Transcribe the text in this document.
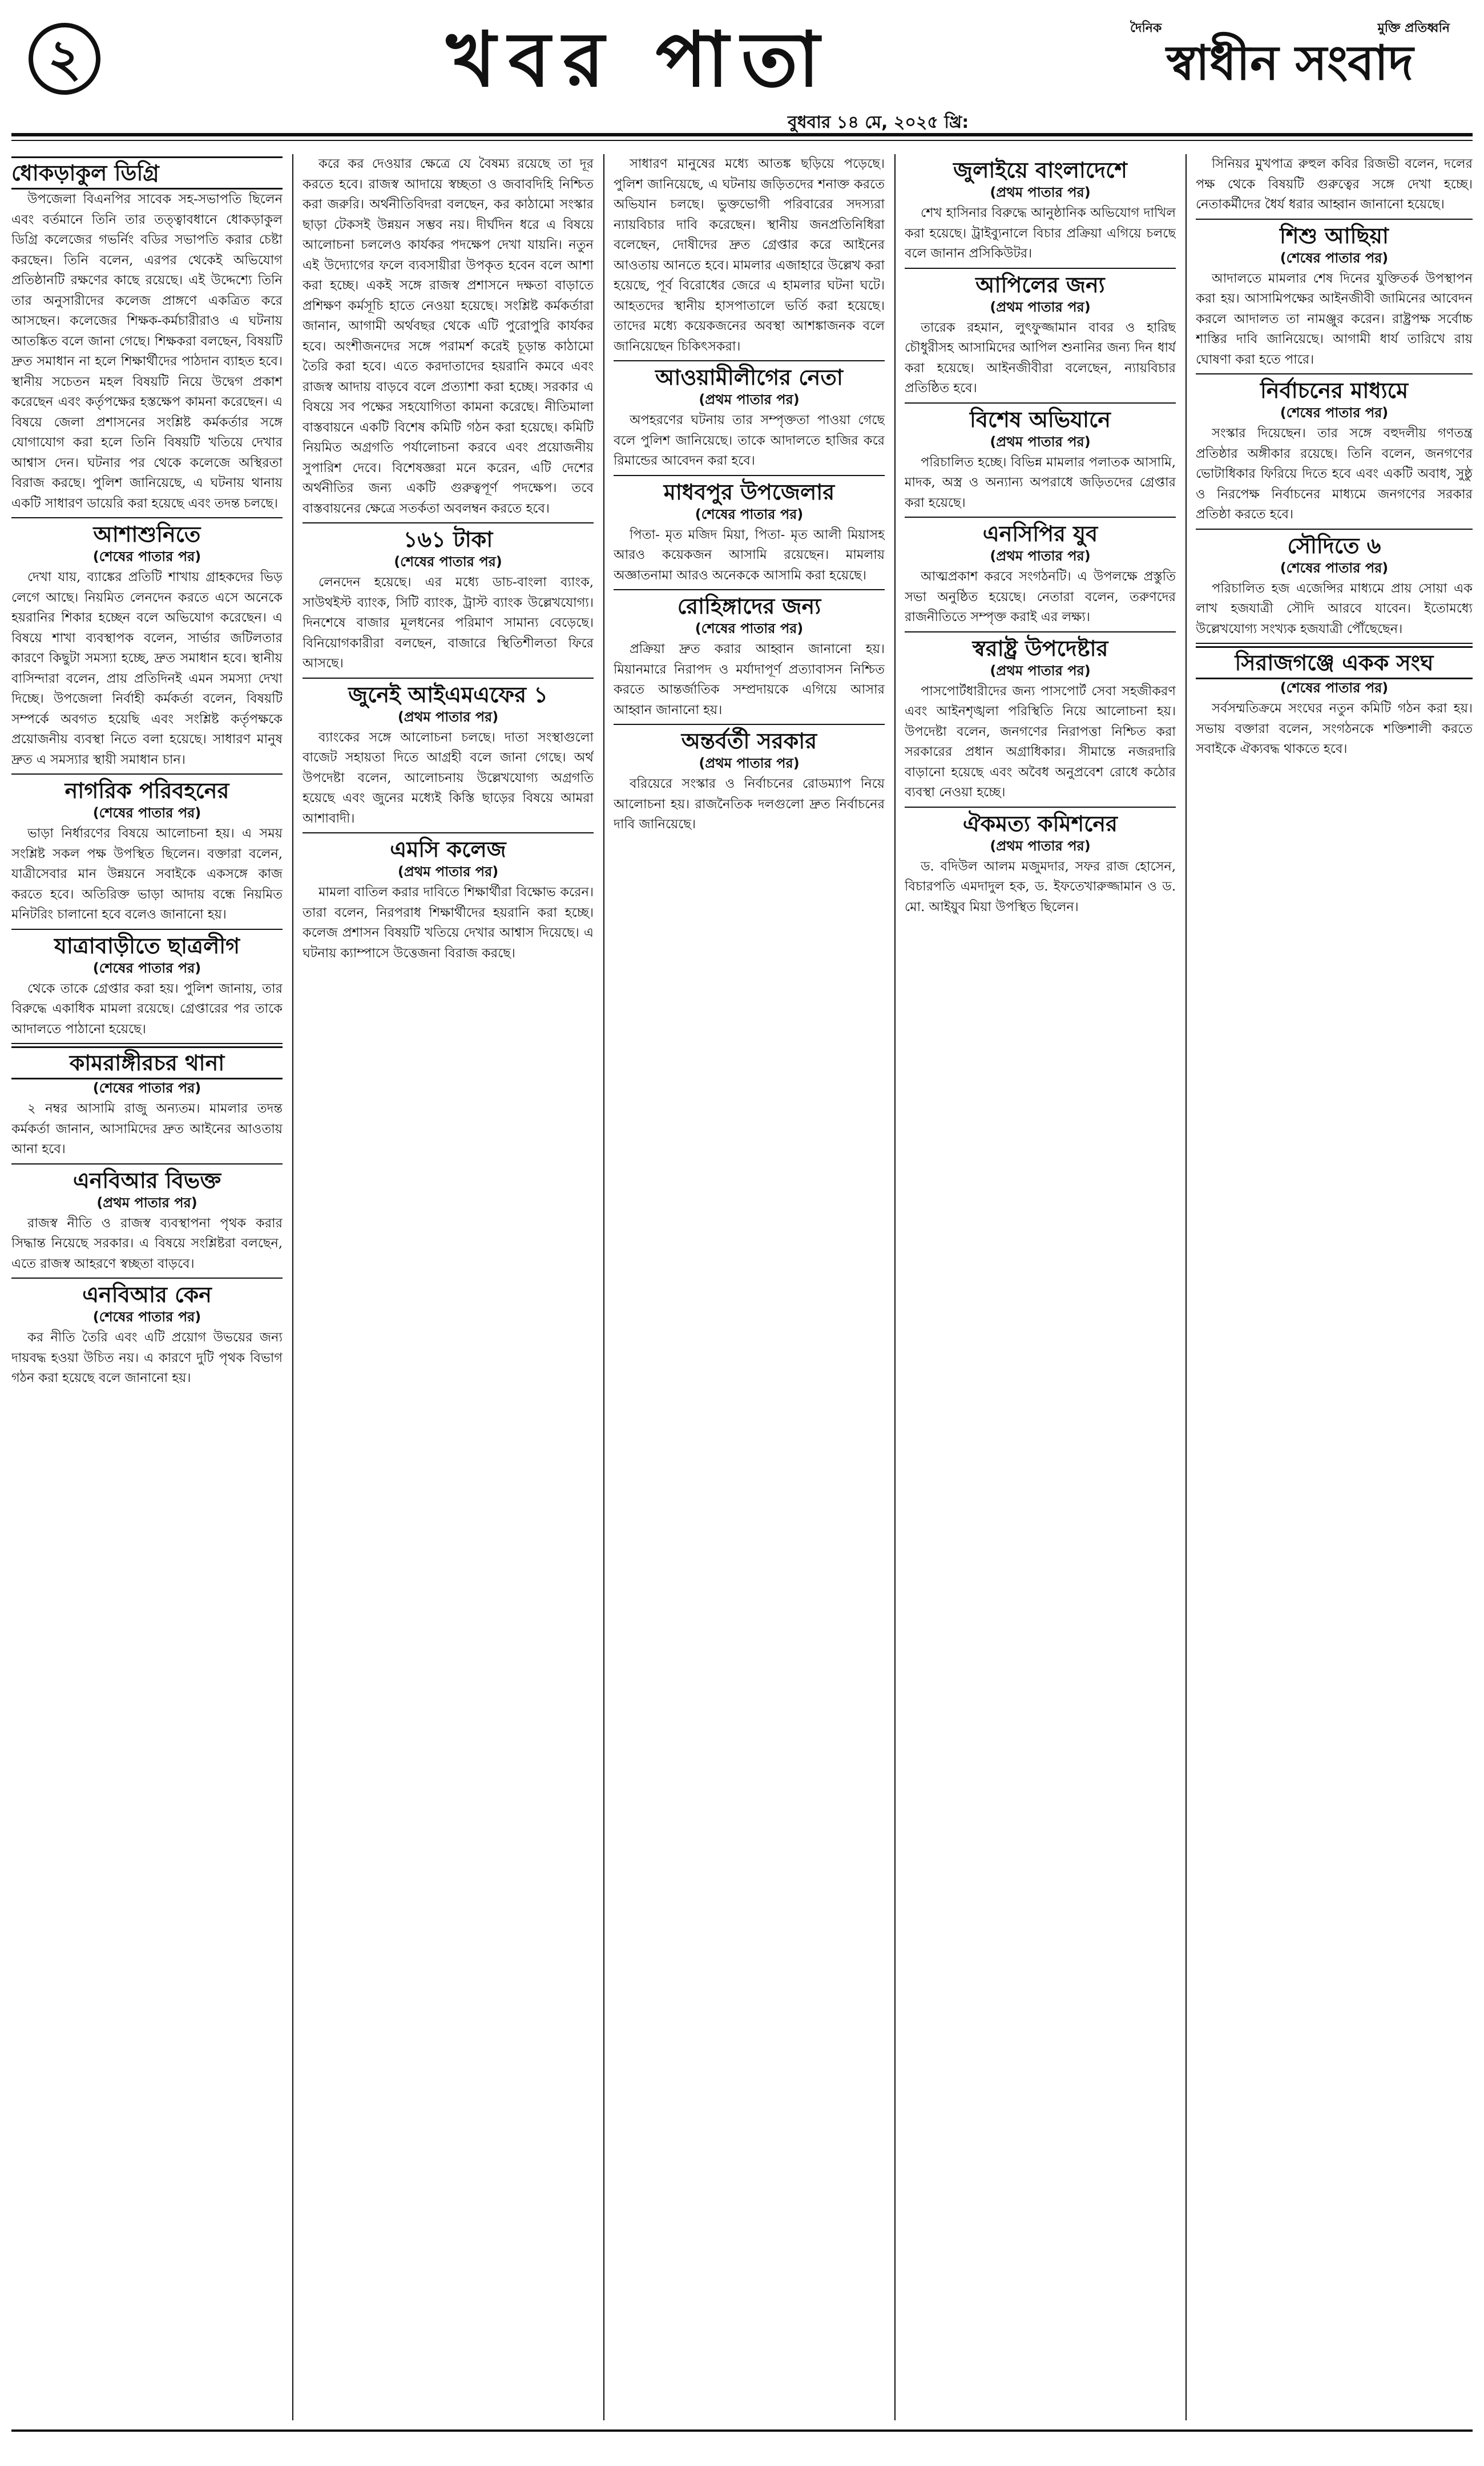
২	খবর পাতা	দৈনিক	মুক্তি প্রতিধ্বনি
স্বাধীন সংবাদ
বুধবার ১৪ মে, ২০২৫ খ্রি:
ধোকড়াকুল ডিগ্রি

উপজেলা বিএনপির সাবেক সহ-সভাপতি ছিলেন এবং বর্তমানে তিনি তার তত্ত্বাবধানে ধোকড়াকুল ডিগ্রি কলেজের গভর্নিং বডির সভাপতি করার চেষ্টা করছেন। তিনি বলেন, এরপর থেকেই অভিযোগ প্রতিষ্ঠানটি রক্ষণের কাছে রয়েছে। এই উদ্দেশ্যে তিনি তার অনুসারীদের কলেজ প্রাঙ্গণে একত্রিত করে আসছেন। কলেজের শিক্ষক-কর্মচারীরাও এ ঘটনায় আতঙ্কিত বলে জানা গেছে। শিক্ষকরা বলছেন, বিষয়টি দ্রুত সমাধান না হলে শিক্ষার্থীদের পাঠদান ব্যাহত হবে। স্থানীয় সচেতন মহল বিষয়টি নিয়ে উদ্বেগ প্রকাশ করেছেন এবং কর্তৃপক্ষের হস্তক্ষেপ কামনা করেছেন। এ বিষয়ে জেলা প্রশাসনের সংশ্লিষ্ট কর্মকর্তার সঙ্গে যোগাযোগ করা হলে তিনি বিষয়টি খতিয়ে দেখার আশ্বাস দেন। ঘটনার পর থেকে কলেজে অস্থিরতা বিরাজ করছে। পুলিশ জানিয়েছে, এ ঘটনায় থানায় একটি সাধারণ ডায়েরি করা হয়েছে এবং তদন্ত চলছে।

আশাশুনিতে
(শেষের পাতার পর)

দেখা যায়, ব্যাঙ্কের প্রতিটি শাখায় গ্রাহকদের ভিড় লেগে আছে। নিয়মিত লেনদেন করতে এসে অনেকে হয়রানির শিকার হচ্ছেন বলে অভিযোগ করেছেন। এ বিষয়ে শাখা ব্যবস্থাপক বলেন, সার্ভার জটিলতার কারণে কিছুটা সমস্যা হচ্ছে, দ্রুত সমাধান হবে। স্থানীয় বাসিন্দারা বলেন, প্রায় প্রতিদিনই এমন সমস্যা দেখা দিচ্ছে। উপজেলা নির্বাহী কর্মকর্তা বলেন, বিষয়টি সম্পর্কে অবগত হয়েছি এবং সংশ্লিষ্ট কর্তৃপক্ষকে প্রয়োজনীয় ব্যবস্থা নিতে বলা হয়েছে। সাধারণ মানুষ দ্রুত এ সমস্যার স্থায়ী সমাধান চান।

নাগরিক পরিবহনের
(শেষের পাতার পর)

ভাড়া নির্ধারণের বিষয়ে আলোচনা হয়। এ সময় সংশ্লিষ্ট সকল পক্ষ উপস্থিত ছিলেন। বক্তারা বলেন, যাত্রীসেবার মান উন্নয়নে সবাইকে একসঙ্গে কাজ করতে হবে। অতিরিক্ত ভাড়া আদায় বন্ধে নিয়মিত মনিটরিং চালানো হবে বলেও জানানো হয়।

যাত্রাবাড়ীতে ছাত্রলীগ
(শেষের পাতার পর)

থেকে তাকে গ্রেপ্তার করা হয়। পুলিশ জানায়, তার বিরুদ্ধে একাধিক মামলা রয়েছে। গ্রেপ্তারের পর তাকে আদালতে পাঠানো হয়েছে।

কামরাঙ্গীরচর থানা
(শেষের পাতার পর)

২ নম্বর আসামি রাজু অন্যতম। মামলার তদন্ত কর্মকর্তা জানান, আসামিদের দ্রুত আইনের আওতায় আনা হবে।

এনবিআর বিভক্ত
(প্রথম পাতার পর)

রাজস্ব নীতি ও রাজস্ব ব্যবস্থাপনা পৃথক করার সিদ্ধান্ত নিয়েছে সরকার। এ বিষয়ে সংশ্লিষ্টরা বলছেন, এতে রাজস্ব আহরণে স্বচ্ছতা বাড়বে।

এনবিআর কেন
(শেষের পাতার পর)

কর নীতি তৈরি এবং এটি প্রয়োগ উভয়ের জন্য দায়বদ্ধ হওয়া উচিত নয়। এ কারণে দুটি পৃথক বিভাগ গঠন করা হয়েছে বলে জানানো হয়।

করে কর দেওয়ার ক্ষেত্রে যে বৈষম্য রয়েছে তা দূর করতে হবে। রাজস্ব আদায়ে স্বচ্ছতা ও জবাবদিহি নিশ্চিত করা জরুরি। অর্থনীতিবিদরা বলছেন, কর কাঠামো সংস্কার ছাড়া টেকসই উন্নয়ন সম্ভব নয়। দীর্ঘদিন ধরে এ বিষয়ে আলোচনা চললেও কার্যকর পদক্ষেপ দেখা যায়নি। নতুন এই উদ্যোগের ফলে ব্যবসায়ীরা উপকৃত হবেন বলে আশা করা হচ্ছে। একই সঙ্গে রাজস্ব প্রশাসনে দক্ষতা বাড়াতে প্রশিক্ষণ কর্মসূচি হাতে নেওয়া হয়েছে। সংশ্লিষ্ট কর্মকর্তারা জানান, আগামী অর্থবছর থেকে এটি পুরোপুরি কার্যকর হবে। অংশীজনদের সঙ্গে পরামর্শ করেই চূড়ান্ত কাঠামো তৈরি করা হবে। এতে করদাতাদের হয়রানি কমবে এবং রাজস্ব আদায় বাড়বে বলে প্রত্যাশা করা হচ্ছে। সরকার এ বিষয়ে সব পক্ষের সহযোগিতা কামনা করেছে। নীতিমালা বাস্তবায়নে একটি বিশেষ কমিটি গঠন করা হয়েছে। কমিটি নিয়মিত অগ্রগতি পর্যালোচনা করবে এবং প্রয়োজনীয় সুপারিশ দেবে। বিশেষজ্ঞরা মনে করেন, এটি দেশের অর্থনীতির জন্য একটি গুরুত্বপূর্ণ পদক্ষেপ। তবে বাস্তবায়নের ক্ষেত্রে সতর্কতা অবলম্বন করতে হবে।

১৬১ টাকা
(শেষের পাতার পর)

লেনদেন হয়েছে। এর মধ্যে ডাচ-বাংলা ব্যাংক, সাউথইস্ট ব্যাংক, সিটি ব্যাংক, ট্রাস্ট ব্যাংক উল্লেখযোগ্য। দিনশেষে বাজার মূলধনের পরিমাণ সামান্য বেড়েছে। বিনিয়োগকারীরা বলছেন, বাজারে স্থিতিশীলতা ফিরে আসছে।

জুনেই আইএমএফের ১
(প্রথম পাতার পর)

ব্যাংকের সঙ্গে আলোচনা চলছে। দাতা সংস্থাগুলো বাজেট সহায়তা দিতে আগ্রহী বলে জানা গেছে। অর্থ উপদেষ্টা বলেন, আলোচনায় উল্লেখযোগ্য অগ্রগতি হয়েছে এবং জুনের মধ্যেই কিস্তি ছাড়ের বিষয়ে আমরা আশাবাদী।

এমসি কলেজ
(প্রথম পাতার পর)

মামলা বাতিল করার দাবিতে শিক্ষার্থীরা বিক্ষোভ করেন। তারা বলেন, নিরপরাধ শিক্ষার্থীদের হয়রানি করা হচ্ছে। কলেজ প্রশাসন বিষয়টি খতিয়ে দেখার আশ্বাস দিয়েছে। এ ঘটনায় ক্যাম্পাসে উত্তেজনা বিরাজ করছে।

সাধারণ মানুষের মধ্যে আতঙ্ক ছড়িয়ে পড়েছে। পুলিশ জানিয়েছে, এ ঘটনায় জড়িতদের শনাক্ত করতে অভিযান চলছে। ভুক্তভোগী পরিবারের সদস্যরা ন্যায়বিচার দাবি করেছেন। স্থানীয় জনপ্রতিনিধিরা বলেছেন, দোষীদের দ্রুত গ্রেপ্তার করে আইনের আওতায় আনতে হবে। মামলার এজাহারে উল্লেখ করা হয়েছে, পূর্ব বিরোধের জেরে এ হামলার ঘটনা ঘটে। আহতদের স্থানীয় হাসপাতালে ভর্তি করা হয়েছে। তাদের মধ্যে কয়েকজনের অবস্থা আশঙ্কাজনক বলে জানিয়েছেন চিকিৎসকরা।

আওয়ামীলীগের নেতা
(প্রথম পাতার পর)

অপহরণের ঘটনায় তার সম্পৃক্ততা পাওয়া গেছে বলে পুলিশ জানিয়েছে। তাকে আদালতে হাজির করে রিমান্ডের আবেদন করা হবে।

মাধবপুর উপজেলার
(শেষের পাতার পর)

পিতা- মৃত মজিদ মিয়া, পিতা- মৃত আলী মিয়াসহ আরও কয়েকজন আসামি রয়েছেন। মামলায় অজ্ঞাতনামা আরও অনেককে আসামি করা হয়েছে।

রোহিঙ্গাদের জন্য
(শেষের পাতার পর)

প্রক্রিয়া দ্রুত করার আহ্বান জানানো হয়। মিয়ানমারে নিরাপদ ও মর্যাদাপূর্ণ প্রত্যাবাসন নিশ্চিত করতে আন্তর্জাতিক সম্প্রদায়কে এগিয়ে আসার আহ্বান জানানো হয়।

অন্তর্বর্তী সরকার
(প্রথম পাতার পর)

বরিয়েরে সংস্কার ও নির্বাচনের রোডম্যাপ নিয়ে আলোচনা হয়। রাজনৈতিক দলগুলো দ্রুত নির্বাচনের দাবি জানিয়েছে।

জুলাইয়ে বাংলাদেশে
(প্রথম পাতার পর)

শেখ হাসিনার বিরুদ্ধে আনুষ্ঠানিক অভিযোগ দাখিল করা হয়েছে। ট্রাইব্যুনালে বিচার প্রক্রিয়া এগিয়ে চলছে বলে জানান প্রসিকিউটর।

আপিলের জন্য
(প্রথম পাতার পর)

তারেক রহমান, লুৎফুজ্জামান বাবর ও হারিছ চৌধুরীসহ আসামিদের আপিল শুনানির জন্য দিন ধার্য করা হয়েছে। আইনজীবীরা বলেছেন, ন্যায়বিচার প্রতিষ্ঠিত হবে।

বিশেষ অভিযানে
(প্রথম পাতার পর)

পরিচালিত হচ্ছে। বিভিন্ন মামলার পলাতক আসামি, মাদক, অস্ত্র ও অন্যান্য অপরাধে জড়িতদের গ্রেপ্তার করা হয়েছে।

এনসিপির যুব
(প্রথম পাতার পর)

আত্মপ্রকাশ করবে সংগঠনটি। এ উপলক্ষে প্রস্তুতি সভা অনুষ্ঠিত হয়েছে। নেতারা বলেন, তরুণদের রাজনীতিতে সম্পৃক্ত করাই এর লক্ষ্য।

স্বরাষ্ট্র উপদেষ্টার
(প্রথম পাতার পর)

পাসপোর্টধারীদের জন্য পাসপোর্ট সেবা সহজীকরণ এবং আইনশৃঙ্খলা পরিস্থিতি নিয়ে আলোচনা হয়। উপদেষ্টা বলেন, জনগণের নিরাপত্তা নিশ্চিত করা সরকারের প্রধান অগ্রাধিকার। সীমান্তে নজরদারি বাড়ানো হয়েছে এবং অবৈধ অনুপ্রবেশ রোধে কঠোর ব্যবস্থা নেওয়া হচ্ছে।

ঐকমত্য কমিশনের
(প্রথম পাতার পর)

ড. বদিউল আলম মজুমদার, সফর রাজ হোসেন, বিচারপতি এমদাদুল হক, ড. ইফতেখারুজ্জামান ও ড. মো. আইয়ুব মিয়া উপস্থিত ছিলেন।

সিনিয়র মুখপাত্র রুহুল কবির রিজভী বলেন, দলের পক্ষ থেকে বিষয়টি গুরুত্বের সঙ্গে দেখা হচ্ছে। নেতাকর্মীদের ধৈর্য ধরার আহ্বান জানানো হয়েছে।

শিশু আছিয়া
(শেষের পাতার পর)

আদালতে মামলার শেষ দিনের যুক্তিতর্ক উপস্থাপন করা হয়। আসামিপক্ষের আইনজীবী জামিনের আবেদন করলে আদালত তা নামঞ্জুর করেন। রাষ্ট্রপক্ষ সর্বোচ্চ শাস্তির দাবি জানিয়েছে। আগামী ধার্য তারিখে রায় ঘোষণা করা হতে পারে।

নির্বাচনের মাধ্যমে
(শেষের পাতার পর)

সংস্কার দিয়েছেন। তার সঙ্গে বহুদলীয় গণতন্ত্র প্রতিষ্ঠার অঙ্গীকার রয়েছে। তিনি বলেন, জনগণের ভোটাধিকার ফিরিয়ে দিতে হবে এবং একটি অবাধ, সুষ্ঠু ও নিরপেক্ষ নির্বাচনের মাধ্যমে জনগণের সরকার প্রতিষ্ঠা করতে হবে।

সৌদিতে ৬
(শেষের পাতার পর)

পরিচালিত হজ এজেন্সির মাধ্যমে প্রায় সোয়া এক লাখ হজযাত্রী সৌদি আরবে যাবেন। ইতোমধ্যে উল্লেখযোগ্য সংখ্যক হজযাত্রী পৌঁছেছেন।

সিরাজগঞ্জে একক সংঘ
(শেষের পাতার পর)

সর্বসম্মতিক্রমে সংঘের নতুন কমিটি গঠন করা হয়। সভায় বক্তারা বলেন, সংগঠনকে শক্তিশালী করতে সবাইকে ঐক্যবদ্ধ থাকতে হবে।
